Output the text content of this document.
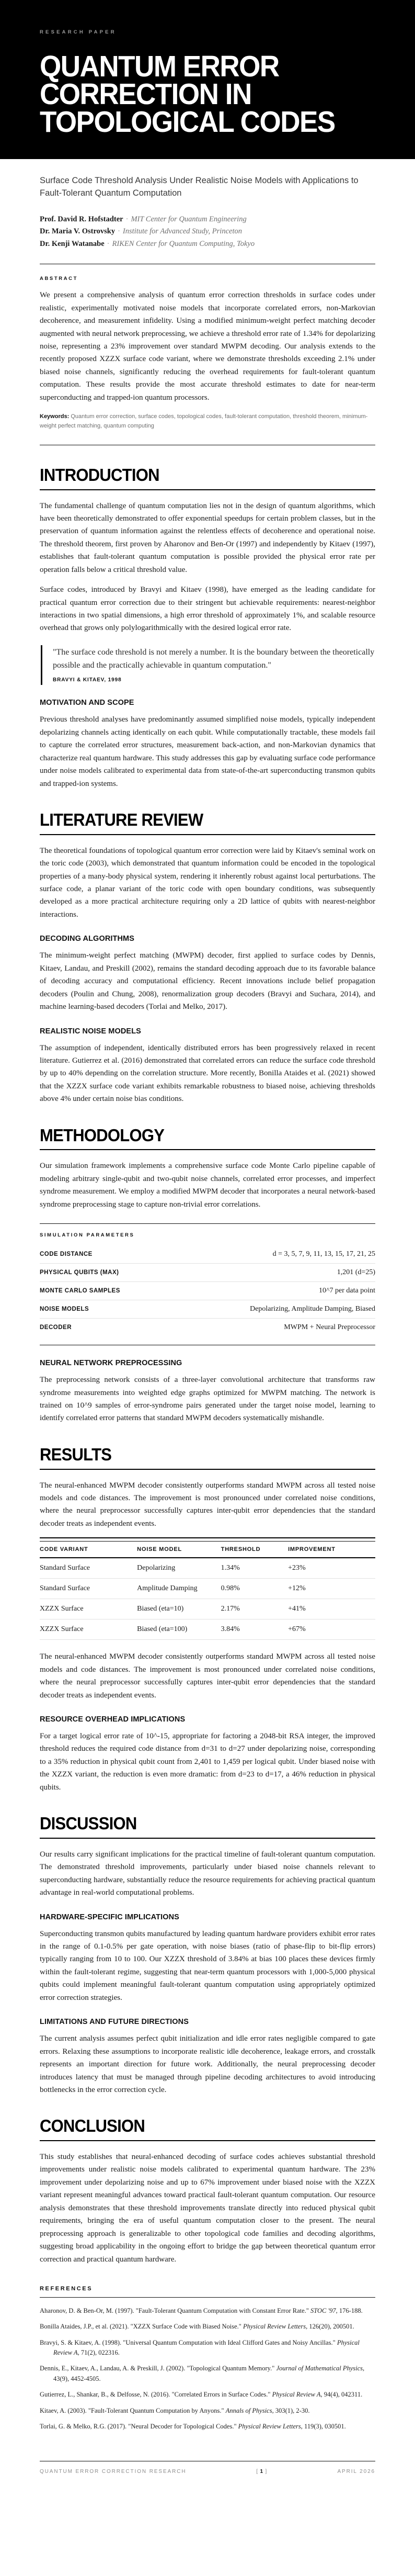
RESEARCH PAPER
QUANTUM ERROR CORRECTION IN TOPOLOGICAL CODES
Surface Code Threshold Analysis Under Realistic Noise Models with Applications to Fault-Tolerant Quantum Computation
Prof. David R. Hofstadter · MIT Center for Quantum Engineering
Dr. Maria V. Ostrovsky · Institute for Advanced Study, Princeton
Dr. Kenji Watanabe · RIKEN Center for Quantum Computing, Tokyo
ABSTRACT

We present a comprehensive analysis of quantum error correction thresholds in surface codes under realistic, experimentally motivated noise models that incorporate correlated errors, non-Markovian decoherence, and measurement infidelity. Using a modified minimum-weight perfect matching decoder augmented with neural network preprocessing, we achieve a threshold error rate of 1.34% for depolarizing noise, representing a 23% improvement over standard MWPM decoding. Our analysis extends to the recently proposed XZZX surface code variant, where we demonstrate thresholds exceeding 2.1% under biased noise channels, significantly reducing the overhead requirements for fault-tolerant quantum computation. These results provide the most accurate threshold estimates to date for near-term superconducting and trapped-ion quantum processors.

Keywords: Quantum error correction, surface codes, topological codes, fault-tolerant computation, threshold theorem, minimum-weight perfect matching, quantum computing
INTRODUCTION

The fundamental challenge of quantum computation lies not in the design of quantum algorithms, which have been theoretically demonstrated to offer exponential speedups for certain problem classes, but in the preservation of quantum information against the relentless effects of decoherence and operational noise. The threshold theorem, first proven by Aharonov and Ben-Or (1997) and independently by Kitaev (1997), establishes that fault-tolerant quantum computation is possible provided the physical error rate per operation falls below a critical threshold value.

Surface codes, introduced by Bravyi and Kitaev (1998), have emerged as the leading candidate for practical quantum error correction due to their stringent but achievable requirements: nearest-neighbor interactions in two spatial dimensions, a high error threshold of approximately 1%, and scalable resource overhead that grows only polylogarithmically with the desired logical error rate.

"The surface code threshold is not merely a number. It is the boundary between the theoretically possible and the practically achievable in quantum computation."

BRAVYI & KITAEV, 1998
MOTIVATION AND SCOPE

Previous threshold analyses have predominantly assumed simplified noise models, typically independent depolarizing channels acting identically on each qubit. While computationally tractable, these models fail to capture the correlated error structures, measurement back-action, and non-Markovian dynamics that characterize real quantum hardware. This study addresses this gap by evaluating surface code performance under noise models calibrated to experimental data from state-of-the-art superconducting transmon qubits and trapped-ion systems.

LITERATURE REVIEW

The theoretical foundations of topological quantum error correction were laid by Kitaev's seminal work on the toric code (2003), which demonstrated that quantum information could be encoded in the topological properties of a many-body physical system, rendering it inherently robust against local perturbations. The surface code, a planar variant of the toric code with open boundary conditions, was subsequently developed as a more practical architecture requiring only a 2D lattice of qubits with nearest-neighbor interactions.

DECODING ALGORITHMS

The minimum-weight perfect matching (MWPM) decoder, first applied to surface codes by Dennis, Kitaev, Landau, and Preskill (2002), remains the standard decoding approach due to its favorable balance of decoding accuracy and computational efficiency. Recent innovations include belief propagation decoders (Poulin and Chung, 2008), renormalization group decoders (Bravyi and Suchara, 2014), and machine learning-based decoders (Torlai and Melko, 2017).

REALISTIC NOISE MODELS

The assumption of independent, identically distributed errors has been progressively relaxed in recent literature. Gutierrez et al. (2016) demonstrated that correlated errors can reduce the surface code threshold by up to 40% depending on the correlation structure. More recently, Bonilla Ataides et al. (2021) showed that the XZZX surface code variant exhibits remarkable robustness to biased noise, achieving thresholds above 4% under certain noise bias conditions.

METHODOLOGY

Our simulation framework implements a comprehensive surface code Monte Carlo pipeline capable of modeling arbitrary single-qubit and two-qubit noise channels, correlated error processes, and imperfect syndrome measurement. We employ a modified MWPM decoder that incorporates a neural network-based syndrome preprocessing stage to capture non-trivial error correlations.

SIMULATION PARAMETERS
CODE DISTANCE	d = 3, 5, 7, 9, 11, 13, 15, 17, 21, 25
PHYSICAL QUBITS (MAX)	1,201 (d=25)
MONTE CARLO SAMPLES	10^7 per data point
NOISE MODELS	Depolarizing, Amplitude Damping, Biased
DECODER	MWPM + Neural Preprocessor
NEURAL NETWORK PREPROCESSING

The preprocessing network consists of a three-layer convolutional architecture that transforms raw syndrome measurements into weighted edge graphs optimized for MWPM matching. The network is trained on 10^9 samples of error-syndrome pairs generated under the target noise model, learning to identify correlated error patterns that standard MWPM decoders systematically mishandle.

RESULTS

The neural-enhanced MWPM decoder consistently outperforms standard MWPM across all tested noise models and code distances. The improvement is most pronounced under correlated noise conditions, where the neural preprocessor successfully captures inter-qubit error dependencies that the standard decoder treats as independent events.

CODE VARIANT	NOISE MODEL	THRESHOLD	IMPROVEMENT
Standard Surface	Depolarizing	1.34%	+23%
Standard Surface	Amplitude Damping	0.98%	+12%
XZZX Surface	Biased (eta=10)	2.17%	+41%
XZZX Surface	Biased (eta=100)	3.84%	+67%

The neural-enhanced MWPM decoder consistently outperforms standard MWPM across all tested noise models and code distances. The improvement is most pronounced under correlated noise conditions, where the neural preprocessor successfully captures inter-qubit error dependencies that the standard decoder treats as independent events.

RESOURCE OVERHEAD IMPLICATIONS

For a target logical error rate of 10^-15, appropriate for factoring a 2048-bit RSA integer, the improved threshold reduces the required code distance from d=31 to d=27 under depolarizing noise, corresponding to a 35% reduction in physical qubit count from 2,401 to 1,459 per logical qubit. Under biased noise with the XZZX variant, the reduction is even more dramatic: from d=23 to d=17, a 46% reduction in physical qubits.

DISCUSSION

Our results carry significant implications for the practical timeline of fault-tolerant quantum computation. The demonstrated threshold improvements, particularly under biased noise channels relevant to superconducting hardware, substantially reduce the resource requirements for achieving practical quantum advantage in real-world computational problems.

HARDWARE-SPECIFIC IMPLICATIONS

Superconducting transmon qubits manufactured by leading quantum hardware providers exhibit error rates in the range of 0.1-0.5% per gate operation, with noise biases (ratio of phase-flip to bit-flip errors) typically ranging from 10 to 100. Our XZZX threshold of 3.84% at bias 100 places these devices firmly within the fault-tolerant regime, suggesting that near-term quantum processors with 1,000-5,000 physical qubits could implement meaningful fault-tolerant quantum computation using appropriately optimized error correction strategies.

LIMITATIONS AND FUTURE DIRECTIONS

The current analysis assumes perfect qubit initialization and idle error rates negligible compared to gate errors. Relaxing these assumptions to incorporate realistic idle decoherence, leakage errors, and crosstalk represents an important direction for future work. Additionally, the neural preprocessing decoder introduces latency that must be managed through pipeline decoding architectures to avoid introducing bottlenecks in the error correction cycle.

CONCLUSION

This study establishes that neural-enhanced decoding of surface codes achieves substantial threshold improvements under realistic noise models calibrated to experimental quantum hardware. The 23% improvement under depolarizing noise and up to 67% improvement under biased noise with the XZZX variant represent meaningful advances toward practical fault-tolerant quantum computation. Our resource analysis demonstrates that these threshold improvements translate directly into reduced physical qubit requirements, bringing the era of useful quantum computation closer to the present. The neural preprocessing approach is generalizable to other topological code families and decoding algorithms, suggesting broad applicability in the ongoing effort to bridge the gap between theoretical quantum error correction and practical quantum hardware.

REFERENCES
Aharonov, D. & Ben-Or, M. (1997). "Fault-Tolerant Quantum Computation with Constant Error Rate." STOC '97, 176-188.
Bonilla Ataides, J.P., et al. (2021). "XZZX Surface Code with Biased Noise." Physical Review Letters, 126(20), 200501.
Bravyi, S. & Kitaev, A. (1998). "Universal Quantum Computation with Ideal Clifford Gates and Noisy Ancillas." Physical Review A, 71(2), 022316.
Dennis, E., Kitaev, A., Landau, A. & Preskill, J. (2002). "Topological Quantum Memory." Journal of Mathematical Physics, 43(9), 4452-4505.
Gutierrez, L., Shankar, B., & Delfosse, N. (2016). "Correlated Errors in Surface Codes." Physical Review A, 94(4), 042311.
Kitaev, A. (2003). "Fault-Tolerant Quantum Computation by Anyons." Annals of Physics, 303(1), 2-30.
Torlai, G. & Melko, R.G. (2017). "Neural Decoder for Topological Codes." Physical Review Letters, 119(3), 030501.
QUANTUM ERROR CORRECTION RESEARCH	[ 1 ]	APRIL 2026
